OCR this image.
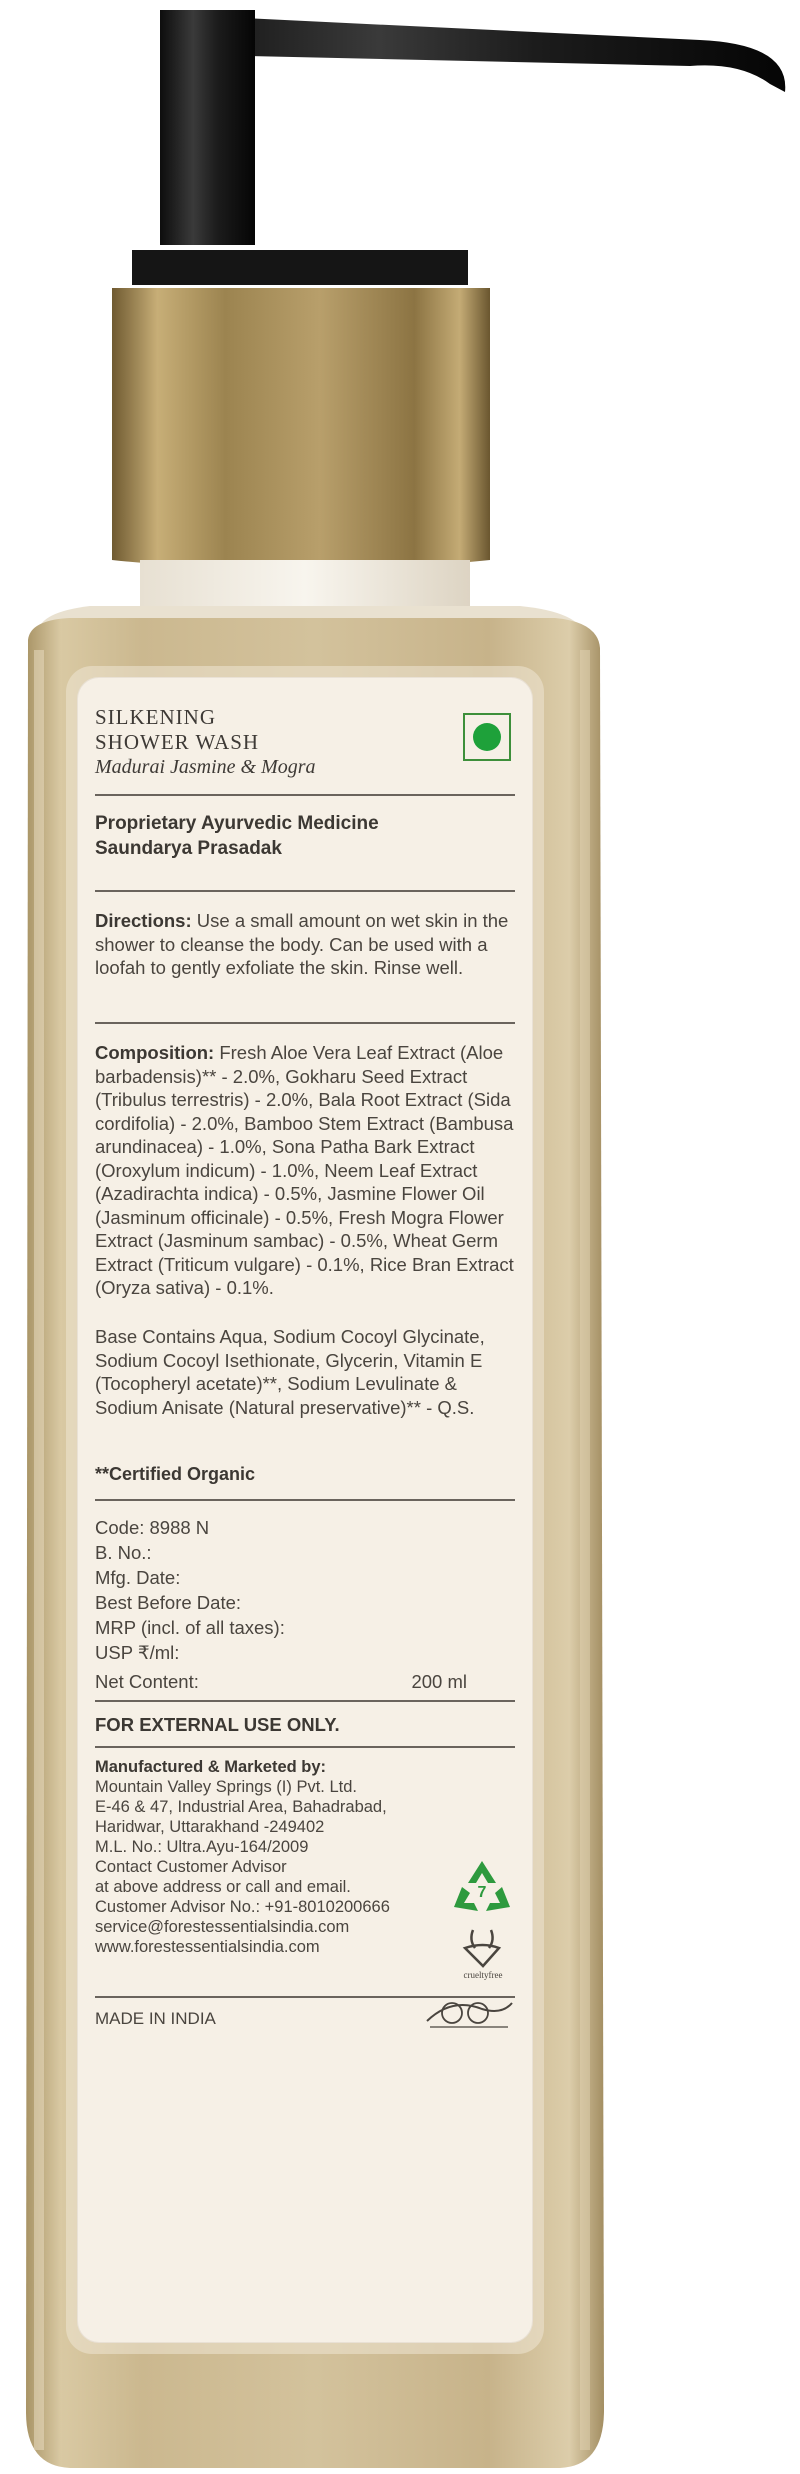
SILKENING
SHOWER WASH
Madurai Jasmine & Mogra
Proprietary Ayurvedic Medicine
Saundarya Prasadak
Directions: Use a small amount on wet skin in the shower to cleanse the body. Can be used with a loofah to gently exfoliate the skin. Rinse well.
Composition: Fresh Aloe Vera Leaf Extract (Aloe barbadensis)** - 2.0%, Gokharu Seed Extract (Tribulus terrestris) - 2.0%, Bala Root Extract (Sida cordifolia) - 2.0%, Bamboo Stem Extract (Bambusa arundinacea) - 1.0%, Sona Patha Bark Extract (Oroxylum indicum) - 1.0%, Neem Leaf Extract (Azadirachta indica) - 0.5%, Jasmine Flower Oil (Jasminum officinale) - 0.5%, Fresh Mogra Flower Extract (Jasminum sambac) - 0.5%, Wheat Germ Extract (Triticum vulgare) - 0.1%, Rice Bran Extract (Oryza sativa) - 0.1%.
Base Contains Aqua, Sodium Cocoyl Glycinate, Sodium Cocoyl Isethionate, Glycerin, Vitamin E (Tocopheryl acetate)**, Sodium Levulinate & Sodium Anisate (Natural preservative)** - Q.S.
**Certified Organic
Code: 8988 N
B. No.:
Mfg. Date:
Best Before Date:
MRP (incl. of all taxes):
USP ₹/ml:
Net Content:	200 ml
FOR EXTERNAL USE ONLY.
Manufactured & Marketed by:
Mountain Valley Springs (I) Pvt. Ltd.
E-46 & 47, Industrial Area, Bahadrabad,
Haridwar, Uttarakhand -249402
M.L. No.: Ultra.Ayu-164/2009
Contact Customer Advisor
at above address or call and email.
Customer Advisor No.: +91-8010200666
service@forestessentialsindia.com
www.forestessentialsindia.com
7
crueltyfree
MADE IN INDIA
